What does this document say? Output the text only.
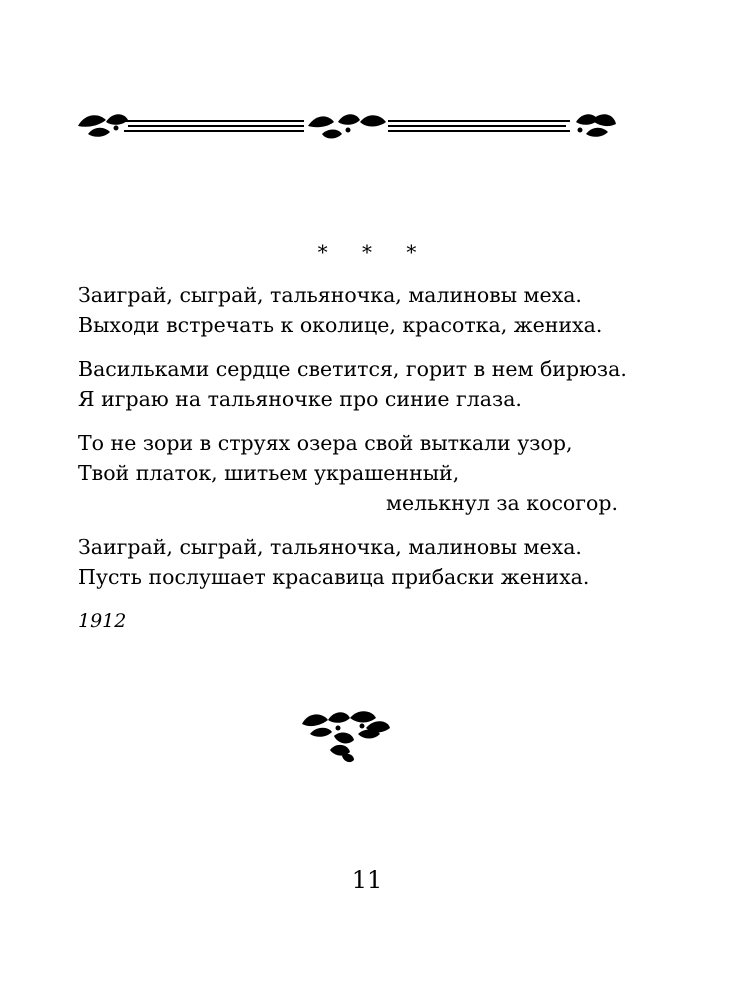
* * *
Заиграй, сыграй, тальяночка, малиновы меха.
Выходи встречать к околице, красотка, жениха.
Васильками сердце светится, горит в нем бирюза.
Я играю на тальяночке про синие глаза.
То не зори в струях озера свой выткали узор,
Твой платок, шитьем украшенный,
мелькнул за косогор.
Заиграй, сыграй, тальяночка, малиновы меха.
Пусть послушает красавица прибаски жениха.
1912
11
